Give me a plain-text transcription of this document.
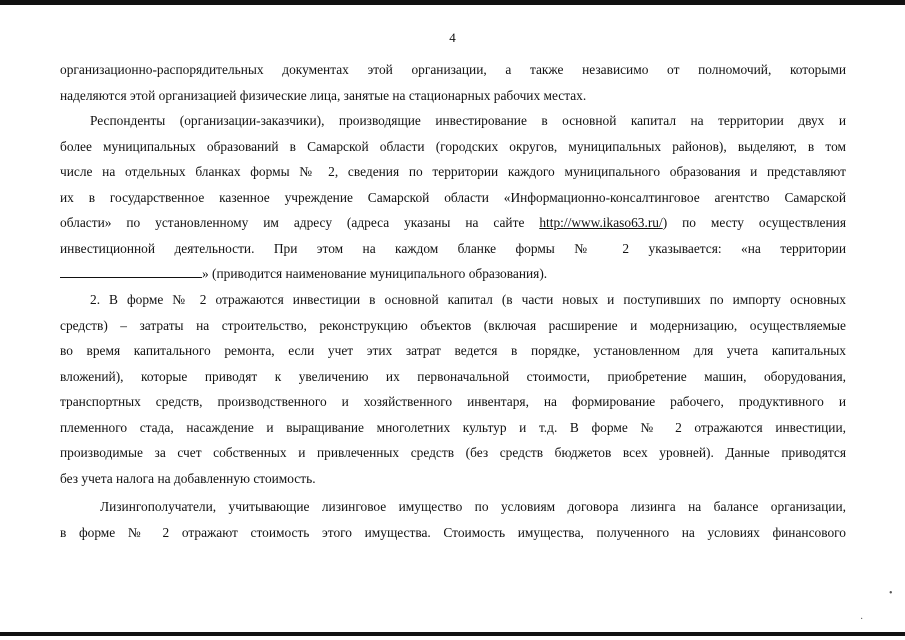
4
организационно-распорядительных документах этой организации, а также независимо от полномочий, которыми
наделяются этой организацией физические лица, занятые на стационарных рабочих местах.
Респонденты (организации-заказчики), производящие инвестирование в основной капитал на территории двух и
более муниципальных образований в Самарской области (городских округов, муниципальных районов), выделяют, в том
числе на отдельных бланках формы № 2, сведения по территории каждого муниципального образования и представляют
их в государственное казенное учреждение Самарской области «Информационно-консалтинговое агентство Самарской
области» по установленному им адресу (адреса указаны на сайте http://www.ikaso63.ru/) по месту осуществления
инвестиционной деятельности. При этом на каждом бланке формы № 2 указывается: «на территории
» (приводится наименование муниципального образования).
2. В форме № 2 отражаются инвестиции в основной капитал (в части новых и поступивших по импорту основных
средств) – затраты на строительство, реконструкцию объектов (включая расширение и модернизацию, осуществляемые
во время капитального ремонта, если учет этих затрат ведется в порядке, установленном для учета капитальных
вложений), которые приводят к увеличению их первоначальной стоимости, приобретение машин, оборудования,
транспортных средств, производственного и хозяйственного инвентаря, на формирование рабочего, продуктивного и
племенного стада, насаждение и выращивание многолетних культур и т.д. В форме № 2 отражаются инвестиции,
производимые за счет собственных и привлеченных средств (без средств бюджетов всех уровней). Данные приводятся
без учета налога на добавленную стоимость.
Лизингополучатели, учитывающие лизинговое имущество по условиям договора лизинга на балансе организации,
в форме № 2 отражают стоимость этого имущества. Стоимость имущества, полученного на условиях финансового
•
·
